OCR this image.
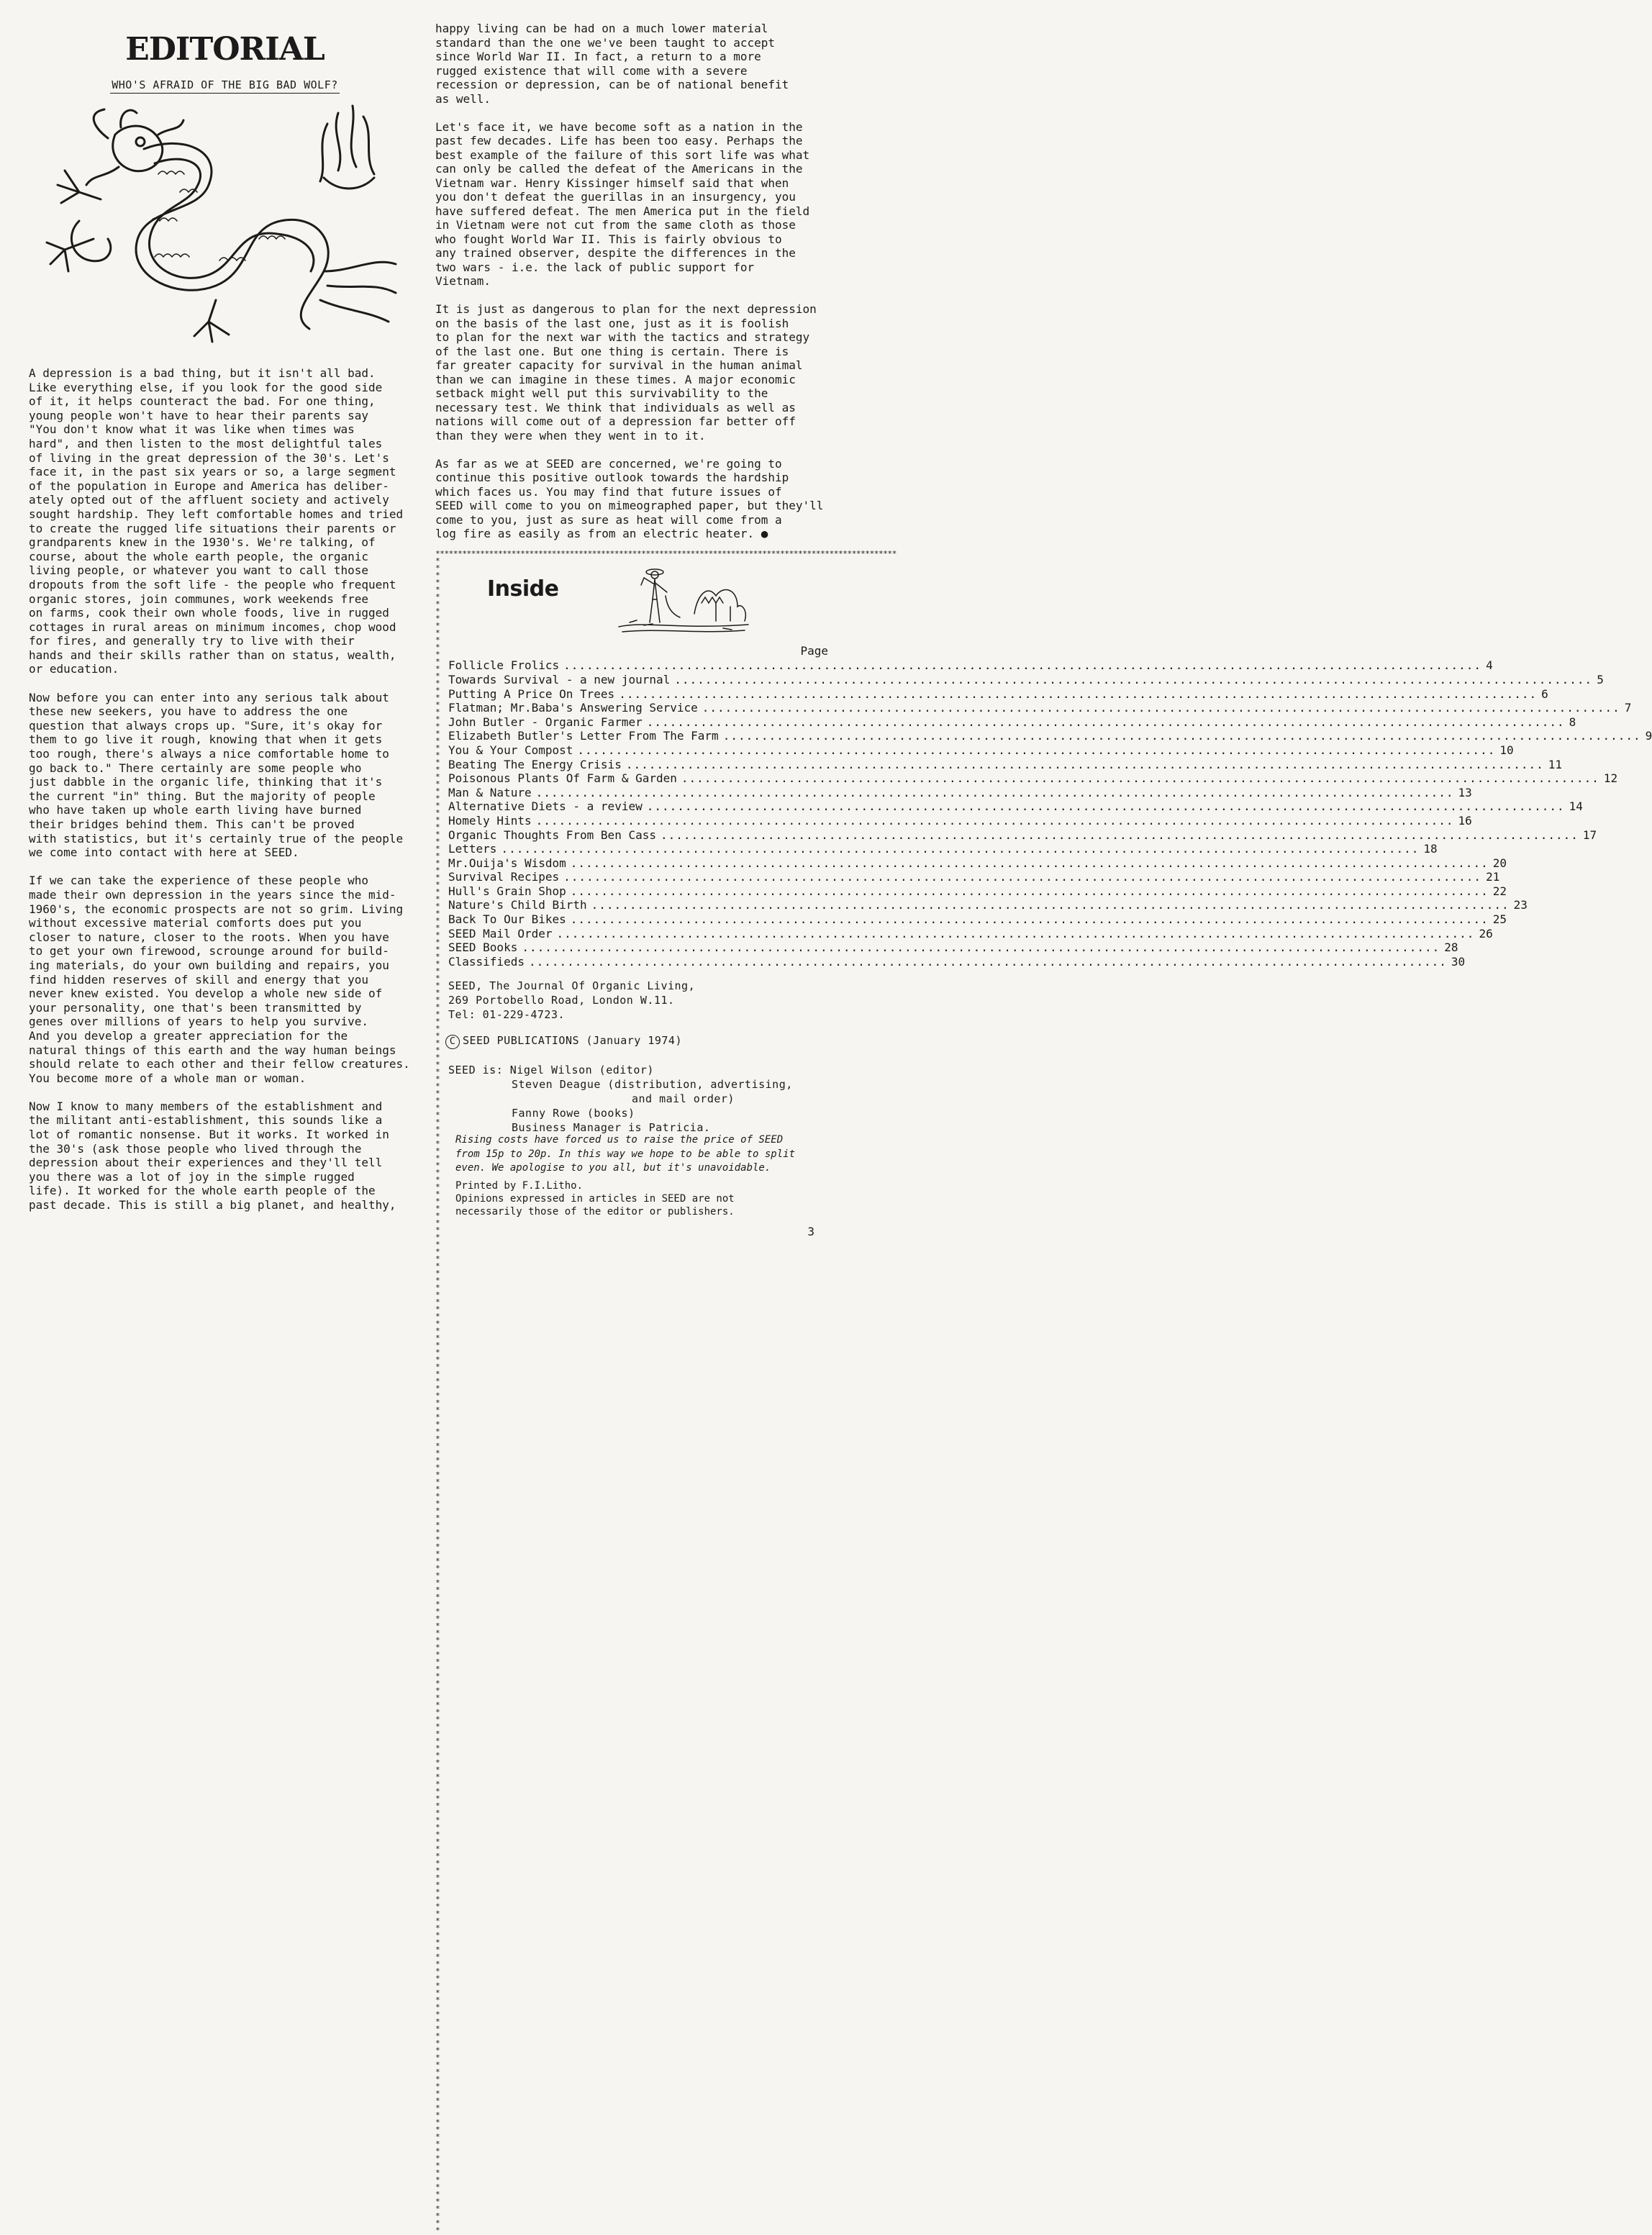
EDITORIAL

WHO'S AFRAID OF THE BIG BAD WOLF?

A depression is a bad thing, but it isn't all bad.
Like everything else, if you look for the good side
of it, it helps counteract the bad. For one thing,
young people won't have to hear their parents say
"You don't know what it was like when times was
hard", and then listen to the most delightful tales
of living in the great depression of the 30's. Let's
face it, in the past six years or so, a large segment
of the population in Europe and America has deliber-
ately opted out of the affluent society and actively
sought hardship. They left comfortable homes and tried
to create the rugged life situations their parents or
grandparents knew in the 1930's. We're talking, of
course, about the whole earth people, the organic
living people, or whatever you want to call those
dropouts from the soft life - the people who frequent
organic stores, join communes, work weekends free
on farms, cook their own whole foods, live in rugged
cottages in rural areas on minimum incomes, chop wood
for fires, and generally try to live with their
hands and their skills rather than on status, wealth,
or education.

Now before you can enter into any serious talk about
these new seekers, you have to address the one
question that always crops up. "Sure, it's okay for
them to go live it rough, knowing that when it gets
too rough, there's always a nice comfortable home to
go back to." There certainly are some people who
just dabble in the organic life, thinking that it's
the current "in" thing. But the majority of people
who have taken up whole earth living have burned
their bridges behind them. This can't be proved
with statistics, but it's certainly true of the people
we come into contact with here at SEED.

If we can take the experience of these people who
made their own depression in the years since the mid-
1960's, the economic prospects are not so grim. Living
without excessive material comforts does put you
closer to nature, closer to the roots. When you have
to get your own firewood, scrounge around for build-
ing materials, do your own building and repairs, you
find hidden reserves of skill and energy that you
never knew existed. You develop a whole new side of
your personality, one that's been transmitted by
genes over millions of years to help you survive.
And you develop a greater appreciation for the
natural things of this earth and the way human beings
should relate to each other and their fellow creatures.
You become more of a whole man or woman.

Now I know to many members of the establishment and
the militant anti-establishment, this sounds like a
lot of romantic nonsense. But it works. It worked in
the 30's (ask those people who lived through the
depression about their experiences and they'll tell
you there was a lot of joy in the simple rugged
life). It worked for the whole earth people of the
past decade. This is still a big planet, and healthy,

happy living can be had on a much lower material
standard than the one we've been taught to accept
since World War II. In fact, a return to a more
rugged existence that will come with a severe
recession or depression, can be of national benefit
as well.

Let's face it, we have become soft as a nation in the
past few decades. Life has been too easy. Perhaps the
best example of the failure of this sort life was what
can only be called the defeat of the Americans in the
Vietnam war. Henry Kissinger himself said that when
you don't defeat the guerillas in an insurgency, you
have suffered defeat. The men America put in the field
in Vietnam were not cut from the same cloth as those
who fought World War II. This is fairly obvious to
any trained observer, despite the differences in the
two wars - i.e. the lack of public support for
Vietnam.

It is just as dangerous to plan for the next depression
on the basis of the last one, just as it is foolish
to plan for the next war with the tactics and strategy
of the last one. But one thing is certain. There is
far greater capacity for survival in the human animal
than we can imagine in these times. A major economic
setback might well put this survivability to the
necessary test. We think that individuals as well as
nations will come out of a depression far better off
than they were when they went in to it.

As far as we at SEED are concerned, we're going to
continue this positive outlook towards the hardship
which faces us. You may find that future issues of
SEED will come to you on mimeographed paper, but they'll
come to you, just as sure as heat will come from a
log fire as easily as from an electric heater. ●

*******************************************************************************************************
*****************************************************************************************************************************************************************************************************************************************
Inside
Page
Follicle Frolics .....	4
Towards Survival - a new journal .....	5
Putting A Price On Trees .....	6
Flatman; Mr.Baba's Answering Service .....	7
John Butler - Organic Farmer .....	8
Elizabeth Butler's Letter From The Farm .....	9
You & Your Compost .....	10
Beating The Energy Crisis .....	11
Poisonous Plants Of Farm & Garden .....	12
Man & Nature .....	13
Alternative Diets - a review .....	14
Homely Hints .....	16
Organic Thoughts From Ben Cass .....	17
Letters .....	18
Mr.Ouija's Wisdom .....	20
Survival Recipes .....	21
Hull's Grain Shop .....	22
Nature's Child Birth .....	23
Back To Our Bikes .....	25
SEED Mail Order .....	26
SEED Books .....	28
Classifieds .....	30
SEED, The Journal Of Organic Living,
269 Portobello Road, London W.11.
Tel: 01-229-4723.
C SEED PUBLICATIONS (January 1974)
SEED is: Nigel Wilson (editor)
Steven Deague (distribution, advertising,
and mail order)
Fanny Rowe (books)
Business Manager is Patricia.
Rising costs have forced us to raise the price of SEED
from 15p to 20p. In this way we hope to be able to split
even. We apologise to you all, but it's unavoidable.
Printed by F.I.Litho.
Opinions expressed in articles in SEED are not
necessarily those of the editor or publishers.
3
